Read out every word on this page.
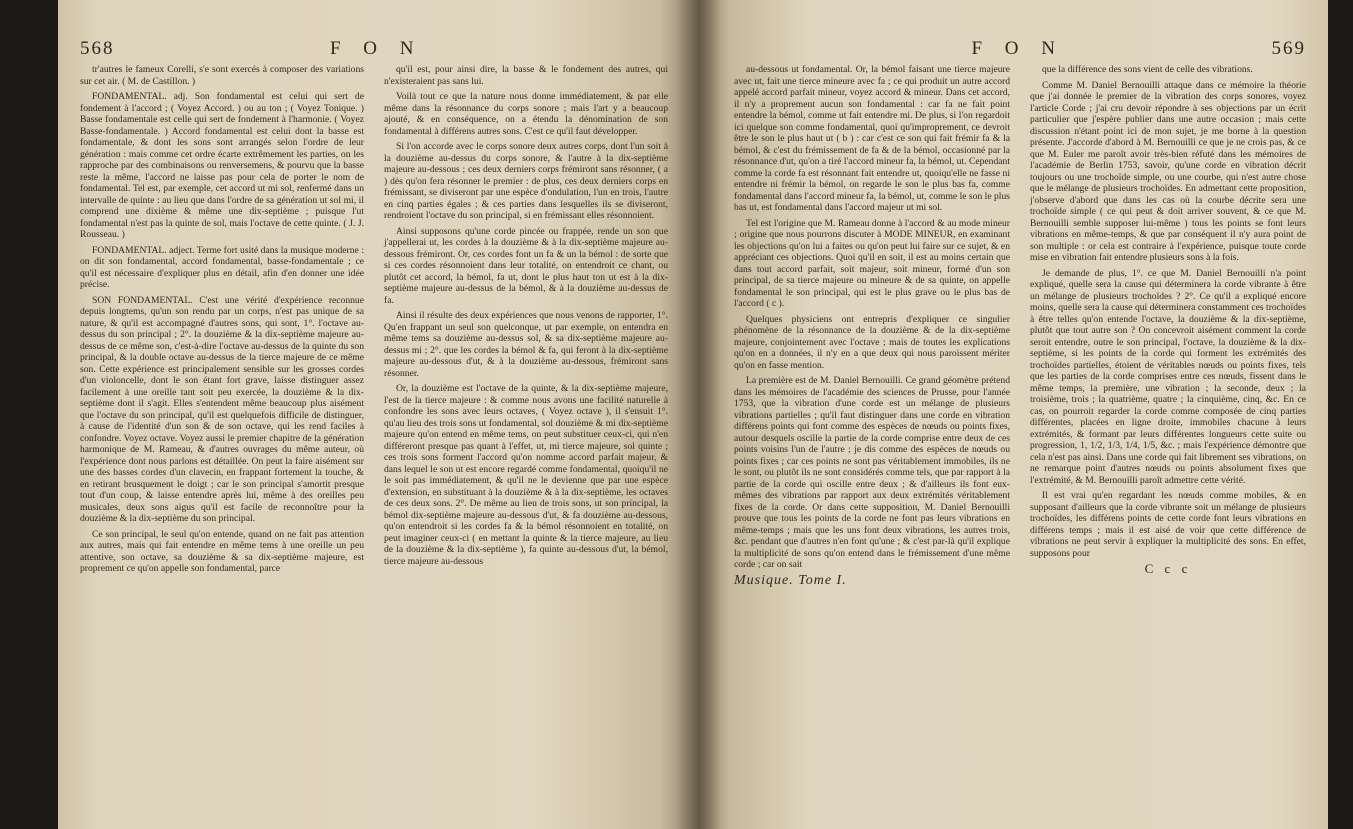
568	F O N

tr'autres le fameux Corelli, s'e sont exercés à composer des variations sur cet air. ( M. de Castillon. )

FONDAMENTAL. adj. Son fondamental est celui qui sert de fondement à l'accord ; ( Voyez Accord. ) ou au ton ; ( Voyez Tonique. ) Basse fondamentale est celle qui sert de fondement à l'harmonie. ( Voyez Basse-fondamentale. ) Accord fondamental est celui dont la basse est fondamentale, & dont les sons sont arrangés selon l'ordre de leur génération : mais comme cet ordre écarte extrêmement les parties, on les rapproche par des combinaisons ou renversemens, & pourvu que la basse reste la même, l'accord ne laisse pas pour cela de porter le nom de fondamental. Tel est, par exemple, cet accord ut mi sol, renfermé dans un intervalle de quinte : au lieu que dans l'ordre de sa génération ut sol mi, il comprend une dixième & même une dix-septième ; puisque l'ut fondamental n'est pas la quinte de sol, mais l'octave de cette quinte. ( J. J. Rousseau. )

FONDAMENTAL. adject. Terme fort usité dans la musique moderne : on dit son fondamental, accord fondamental, basse-fondamentale ; ce qu'il est nécessaire d'expliquer plus en détail, afin d'en donner une idée précise.

SON FONDAMENTAL. C'est une vérité d'expérience reconnue depuis longtems, qu'un son rendu par un corps, n'est pas unique de sa nature, & qu'il est accompagné d'autres sons, qui sont, 1°. l'octave au-dessus du son principal ; 2°. la douzième & la dix-septième majeure au-dessus de ce même son, c'est-à-dire l'octave au-dessus de la quinte du son principal, & la double octave au-dessus de la tierce majeure de ce même son. Cette expérience est principalement sensible sur les grosses cordes d'un violoncelle, dont le son étant fort grave, laisse distinguer assez facilement à une oreille tant soit peu exercée, la douzième & la dix-septième dont il s'agit. Elles s'entendent même beaucoup plus aisément que l'octave du son principal, qu'il est quelquefois difficile de distinguer, à cause de l'identité d'un son & de son octave, qui les rend faciles à confondre. Voyez octave. Voyez aussi le premier chapitre de la génération harmonique de M. Rameau, & d'autres ouvrages du même auteur, où l'expérience dont nous parlons est détaillée. On peut la faire aisément sur une des basses cordes d'un clavecin, en frappant fortement la touche, & en retirant brusquement le doigt ; car le son principal s'amortit presque tout d'un coup, & laisse entendre après lui, même à des oreilles peu musicales, deux sons aigus qu'il est facile de reconnoître pour la douzième & la dix-septième du son principal.

Ce son principal, le seul qu'on entende, quand on ne fait pas attention aux autres, mais qui fait entendre en même tems à une oreille un peu attentive, son octave, sa douzième & sa dix-septième majeure, est proprement ce qu'on appelle son fondamental, parce

qu'il est, pour ainsi dire, la basse & le fondement des autres, qui n'existeraient pas sans lui.

Voilà tout ce que la nature nous donne immédiatement, & par elle même dans la résonnance du corps sonore ; mais l'art y a beaucoup ajouté, & en conséquence, on a étendu la dénomination de son fondamental à différens autres sons. C'est ce qu'il faut développer.

Si l'on accorde avec le corps sonore deux autres corps, dont l'un soit à la douzième au-dessus du corps sonore, & l'autre à la dix-septième majeure au-dessous ; ces deux derniers corps frémiront sans résonner, ( a ) dès qu'on fera résonner le premier : de plus, ces deux derniers corps en frémissant, se diviseront par une espèce d'ondulation, l'un en trois, l'autre en cinq parties égales ; & ces parties dans lesquelles ils se diviseront, rendroient l'octave du son principal, si en frémissant elles résonnoient.

Ainsi supposons qu'une corde pincée ou frappée, rende un son que j'appellerai ut, les cordes à la douzième & à la dix-septième majeure au-dessous frémiront. Or, ces cordes font un fa & un la bémol : de sorte que si ces cordes résonnoient dans leur totalité, on entendroit ce chant, ou plutôt cet accord, la bémol, fa ut, dont le plus haut ton ut est à la dix-septième majeure au-dessus de la bémol, & à la douzième au-dessus de fa.

Ainsi il résulte des deux expériences que nous venons de rapporter, 1°. Qu'en frappant un seul son quelconque, ut par exemple, on entendra en même tems sa douzième au-dessus sol, & sa dix-septième majeure au-dessus mi ; 2°. que les cordes la bémol & fa, qui feront à la dix-septième majeure au-dessous d'ut, & à la douzième au-dessous, frémiront sans résonner.

Or, la douzième est l'octave de la quinte, & la dix-septième majeure, l'est de la tierce majeure : & comme nous avons une facilité naturelle à confondre les sons avec leurs octaves, ( Voyez octave ), il s'ensuit 1°. qu'au lieu des trois sons ut fondamental, sol douzième & mi dix-septième majeure qu'on entend en même tems, on peut substituer ceux-ci, qui n'en différeront presque pas quant à l'effet, ut, mi tierce majeure, sol quinte ; ces trois sons forment l'accord qu'on nomme accord parfait majeur, & dans lequel le son ut est encore regardé comme fondamental, quoiqu'il ne le soit pas immédiatement, & qu'il ne le devienne que par une espèce d'extension, en substituant à la douzième & à la dix-septième, les octaves de ces deux sons. 2°. De même au lieu de trois sons, ut son principal, la bémol dix-septième majeure au-dessous d'ut, & fa douzième au-dessous, qu'on entendroit si les cordes fa & la bémol résonnoient en totalité, on peut imaginer ceux-ci ( en mettant la quinte & la tierce majeure, au lieu de la douzième & la dix-septième ), fa quinte au-dessous d'ut, la bémol, tierce majeure au-dessous

F O N	569

au-dessous ut fondamental. Or, la bémol faisant une tierce majeure avec ut, fait une tierce mineure avec fa ; ce qui produit un autre accord appelé accord parfait mineur, voyez accord & mineur. Dans cet accord, il n'y a proprement aucun son fondamental : car fa ne fait point entendre la bémol, comme ut fait entendre mi. De plus, si l'on regardoit ici quelque son comme fondamental, quoi qu'improprement, ce devroit être le son le plus haut ut ( b ) : car c'est ce son qui fait frémir fa & la bémol, & c'est du frémissement de fa & de la bémol, occasionné par la résonnance d'ut, qu'on a tiré l'accord mineur fa, la bémol, ut. Cependant comme la corde fa est résonnant fait entendre ut, quoiqu'elle ne fasse ni entendre ni frémir la bémol, on regarde le son le plus bas fa, comme fondamental dans l'accord mineur fa, la bémol, ut, comme le son le plus bas ut, est fondamental dans l'accord majeur ut mi sol.

Tel est l'origine que M. Rameau donne à l'accord & au mode mineur ; origine que nous pourrons discuter à MODE MINEUR, en examinant les objections qu'on lui a faites ou qu'on peut lui faire sur ce sujet, & en appréciant ces objections. Quoi qu'il en soit, il est au moins certain que dans tout accord parfait, soit majeur, soit mineur, formé d'un son principal, de sa tierce majeure ou mineure & de sa quinte, on appelle fondamental le son principal, qui est le plus grave ou le plus bas de l'accord ( c ).

Quelques physiciens ont entrepris d'expliquer ce singulier phénomène de la résonnance de la douzième & de la dix-septième majeure, conjointement avec l'octave ; mais de toutes les explications qu'on en a données, il n'y en a que deux qui nous paroissent mériter qu'on en fasse mention.

La première est de M. Daniel Bernouilli. Ce grand géomètre prétend dans les mémoires de l'académie des sciences de Prusse, pour l'année 1753, que la vibration d'une corde est un mélange de plusieurs vibrations partielles ; qu'il faut distinguer dans une corde en vibration différens points qui font comme des espèces de nœuds ou points fixes, autour desquels oscille la partie de la corde comprise entre deux de ces points voisins l'un de l'autre ; je dis comme des espèces de nœuds ou points fixes ; car ces points ne sont pas véritablement immobiles, ils ne le sont, ou plutôt ils ne sont considérés comme tels, que par rapport à la partie de la corde qui oscille entre deux ; & d'ailleurs ils font eux-mêmes des vibrations par rapport aux deux extrémités véritablement fixes de la corde. Or dans cette supposition, M. Daniel Bernouilli prouve que tous les points de la corde ne font pas leurs vibrations en même-temps ; mais que les uns font deux vibrations, les autres trois, &c. pendant que d'autres n'en font qu'une ; & c'est par-là qu'il explique la multiplicité de sons qu'on entend dans le frémissement d'une même corde ; car on sait

Musique. Tome I.

que la différence des sons vient de celle des vibrations.

Comme M. Daniel Bernouilli attaque dans ce mémoire la théorie que j'ai donnée le premier de la vibration des corps sonores, voyez l'article Corde ; j'ai cru devoir répondre à ses objections par un écrit particulier que j'espère publier dans une autre occasion ; mais cette discussion n'étant point ici de mon sujet, je me borne à la question présente. J'accorde d'abord à M. Bernouilli ce que je ne crois pas, & ce que M. Euler me paroît avoir très-bien réfuté dans les mémoires de l'académie de Berlin 1753, savoir, qu'une corde en vibration décrit toujours ou une trochoïde simple, ou une courbe, qui n'est autre chose que le mélange de plusieurs trochoïdes. En admettant cette proposition, j'observe d'abord que dans les cas où la courbe décrite sera une trochoïde simple ( ce qui peut & doit arriver souvent, & ce que M. Bernouilli semble supposer lui-même ) tous les points se font leurs vibrations en même-temps, & que par conséquent il n'y aura point de son multiple : or cela est contraire à l'expérience, puisque toute corde mise en vibration fait entendre plusieurs sons à la fois.

Je demande de plus, 1°. ce que M. Daniel Bernouilli n'a point expliqué, quelle sera la cause qui déterminera la corde vibrante à être un mélange de plusieurs trochoïdes ? 2°. Ce qu'il a expliqué encore moins, quelle sera la cause qui déterminera constamment ces trochoïdes à être telles qu'on entende l'octave, la douzième & la dix-septième, plutôt que tout autre son ? On concevroit aisément comment la corde seroit entendre, outre le son principal, l'octave, la douzième & la dix-septième, si les points de la corde qui forment les extrémités des trochoïdes partielles, étoient de véritables nœuds ou points fixes, tels que les parties de la corde comprises entre ces nœuds, fissent dans le même temps, la première, une vibration ; la seconde, deux ; la troisième, trois ; la quatrième, quatre ; la cinquième, cinq, &c. En ce cas, on pourroit regarder la corde comme composée de cinq parties différentes, placées en ligne droite, immobiles chacune à leurs extrémités, & formant par leurs différentes longueurs cette suite ou progression, 1, 1/2, 1/3, 1/4, 1/5, &c. ; mais l'expérience démontre que cela n'est pas ainsi. Dans une corde qui fait librement ses vibrations, on ne remarque point d'autres nœuds ou points absolument fixes que l'extrémité, & M. Bernouilli paroît admettre cette vérité.

Il est vrai qu'en regardant les nœuds comme mobiles, & en supposant d'ailleurs que la corde vibrante soit un mélange de plusieurs trochoïdes, les différens points de cette corde font leurs vibrations en différens temps ; mais il est aisé de voir que cette différence de vibrations ne peut servir à expliquer la multiplicité des sons. En effet, supposons pour

C c c
